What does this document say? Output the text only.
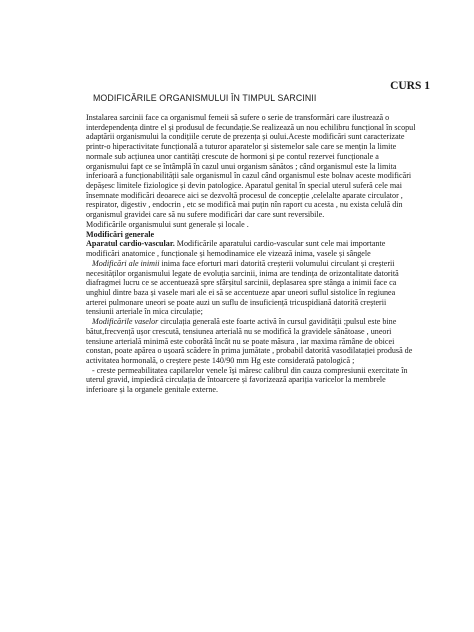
CURS 1
MODIFICĂRILE ORGANISMULUI ÎN TIMPUL SARCINII

Instalarea sarcinii face ca organismul femeii să sufere o serie de transformări care ilustrează o interdependența dintre el și produsul de fecundație.Se realizează un nou echilibru funcțional în scopul adaptării organismului la condițiile cerute de prezența și oului.Aceste modificări sunt caracterizate printr-o hiperactivitate funcțională a tuturor aparatelor și sistemelor sale care se mențin la limite normale sub acțiunea unor cantități crescute de hormoni și pe contul rezervei funcționale a organismului fapt ce se întâmplă în cazul unui organism sănătos ; când organismul este la limita inferioară a funcționabilității sale organismul în cazul când organismul este bolnav aceste modificări depășesc limitele fiziologice și devin patologice. Aparatul genital în special uterul suferă cele mai însemnate modificări deoarece aici se dezvoltă procesul de concepție ,celelalte aparate circulator , respirator, digestiv , endocrin , etc se modifică mai puțin nîn raport cu acesta , nu exista celulă din organismul gravidei care să nu sufere modificări dar care sunt reversibile.

Modificările organismului sunt generale și locale .

Modificări generale

Aparatul cardio-vascular. Modificările aparatului cardio-vascular sunt cele mai importante modificări anatomice , funcționale și hemodinamice ele vizează inima, vasele și sângele

Modificări ale inimii inima face eforturi mari datorită creșterii volumului circulant și creșterii necesităților organismului legate de evoluția sarcinii, inima are tendința de orizontalitate datorită diafragmei lucru ce se accentuează spre sfârșitul sarcinii, deplasarea spre stânga a inimii face ca unghiul dintre baza și vasele mari ale ei să se accentueze apar uneori suflul sistolice în regiunea arterei pulmonare uneori se poate auzi un suflu de insuficiență tricuspidiană datorită creșterii tensiunii arteriale în mica circulație;

Modificările vaselor circulația generală este foarte activă în cursul gavidității ;pulsul este bine bătut,frecvență ușor crescută, tensiunea arterială nu se modifică la gravidele sănătoase , uneori tensiune arterială minimă este coborâtă încât nu se poate măsura , iar maxima rămâne de obicei constan, poate apărea o ușoară scădere în prima jumătate , probabil datorită vasodilatației produsă de activitatea hormonală, o creștere peste 140/90 mm Hg este considerată patologică ;

- creste permeabilitatea capilarelor venele își măresc calibrul din cauza compresiunii exercitate în uterul gravid, impiedică circulația de întoarcere și favorizează apariția varicelor la membrele inferioare și la organele genitale externe.
